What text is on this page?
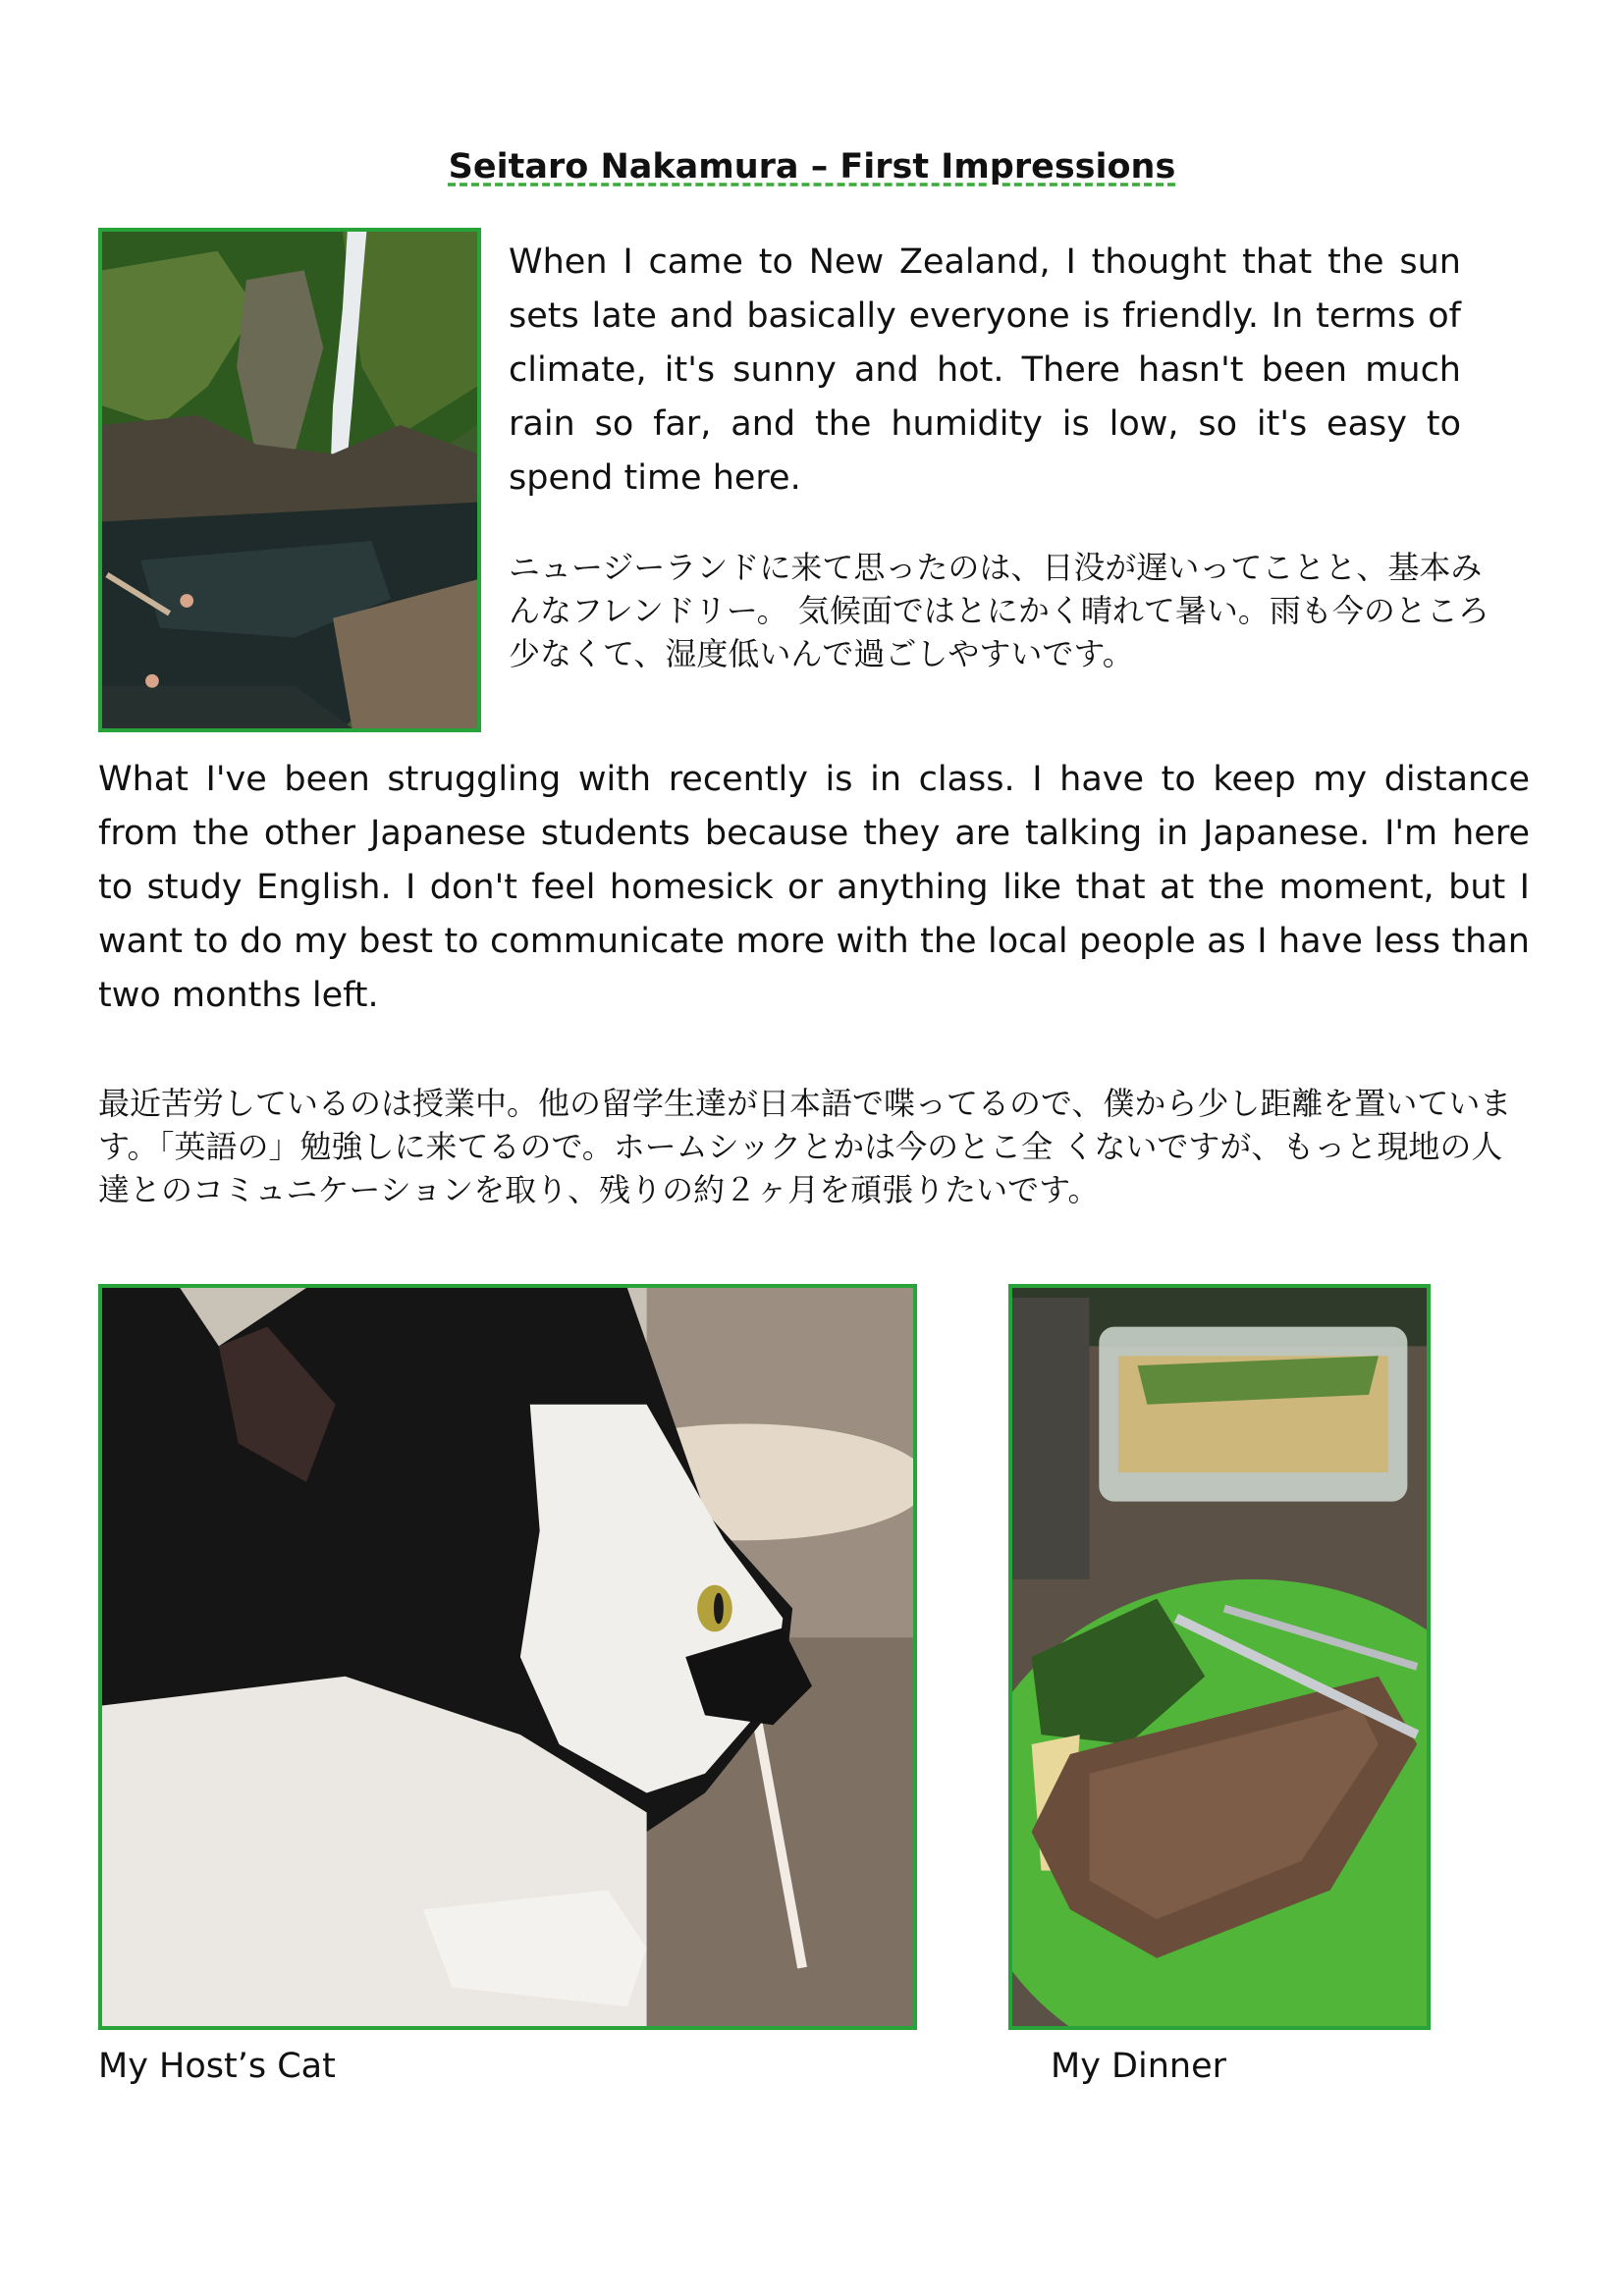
Seitaro Nakamura – First Impressions

When I came to New Zealand, I thought that the sun sets late and basically everyone is friendly. In terms of climate, it's sunny and hot. There hasn't been much rain so far, and the humidity is low, so it's easy to spend time here.

ニュージーランドに来て思ったのは、日没が遅いってことと、基本みんなフレンドリー。 気候面ではとにかく晴れて暑い。雨も今のところ少なくて、湿度低いんで過ごしやすいです。

What I've been struggling with recently is in class. I have to keep my distance from the other Japanese students because they are talking in Japanese. I'm here to study English. I don't feel homesick or anything like that at the moment, but I want to do my best to communicate more with the local people as I have less than two months left.

最近苦労しているのは授業中。他の留学生達が日本語で喋ってるので、僕から少し距離を置いています。「英語の」勉強しに来てるので。ホームシックとかは今のとこ全 くないですが、もっと現地の人達とのコミュニケーションを取り、残りの約２ヶ月を頑張りたいです。

My Host’s Cat	My Dinner
